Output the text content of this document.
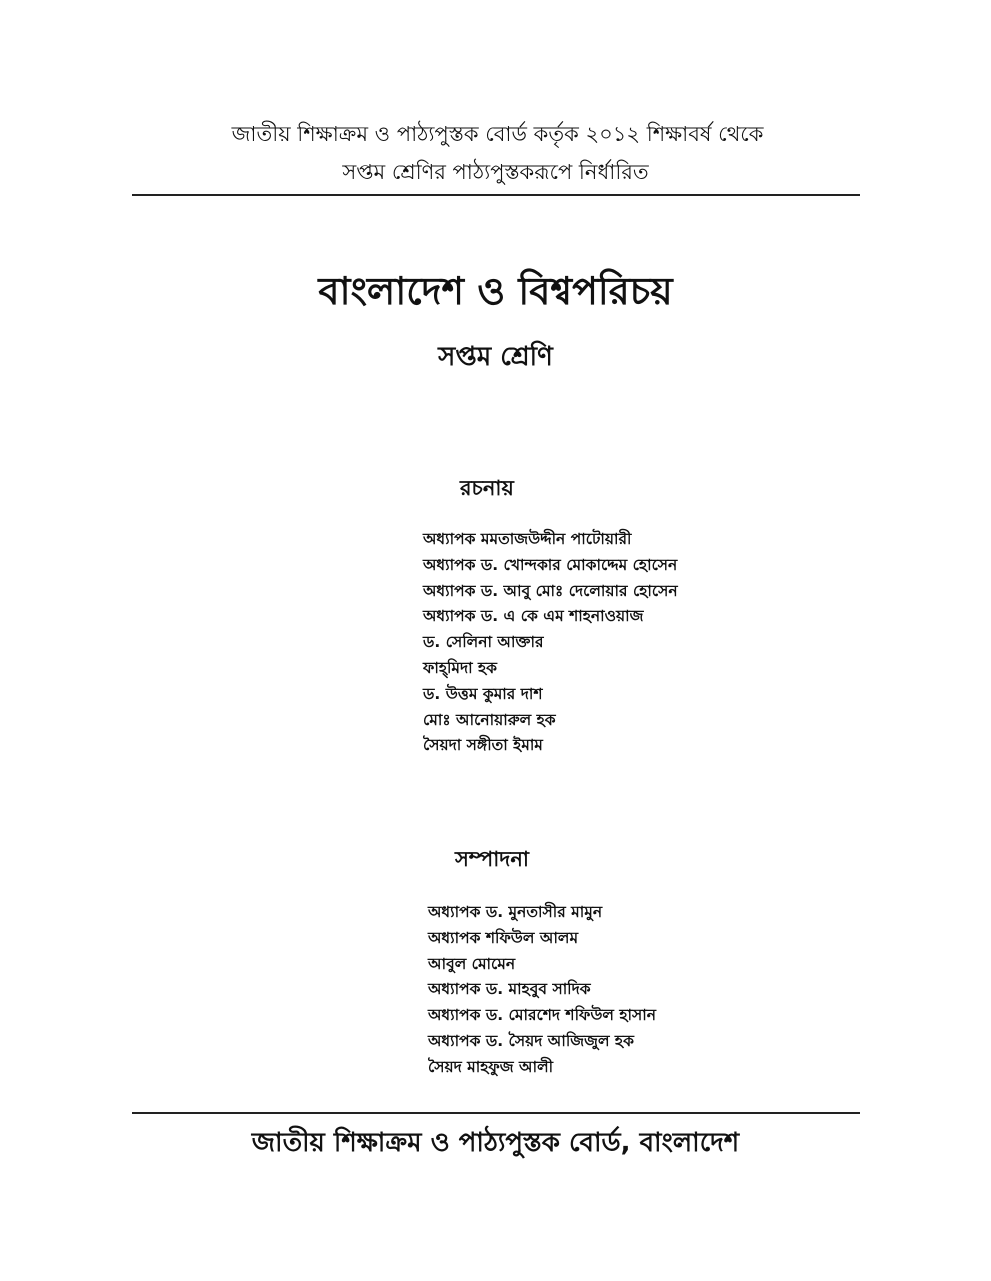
জাতীয় শিক্ষাক্রম ও পাঠ্যপুস্তক বোর্ড কর্তৃক ২০১২ শিক্ষাবর্ষ থেকে
সপ্তম শ্রেণির পাঠ্যপুস্তকরূপে নির্ধারিত
বাংলাদেশ ও বিশ্বপরিচয়
সপ্তম শ্রেণি
রচনায়
অধ্যাপক মমতাজউদ্দীন পাটোয়ারী
অধ্যাপক ড. খোন্দকার মোকাদ্দেম হোসেন
অধ্যাপক ড. আবু মোঃ দেলোয়ার হোসেন
অধ্যাপক ড. এ কে এম শাহনাওয়াজ
ড. সেলিনা আক্তার
ফাহ্‌মিদা হক
ড. উত্তম কুমার দাশ
মোঃ আনোয়ারুল হক
সৈয়দা সঙ্গীতা ইমাম
সম্পাদনা
অধ্যাপক ড. মুনতাসীর মামুন
অধ্যাপক শফিউল আলম
আবুল মোমেন
অধ্যাপক ড. মাহবুব সাদিক
অধ্যাপক ড. মোরশেদ শফিউল হাসান
অধ্যাপক ড. সৈয়দ আজিজুল হক
সৈয়দ মাহফুজ আলী
জাতীয় শিক্ষাক্রম ও পাঠ্যপুস্তক বোর্ড, বাংলাদেশ
